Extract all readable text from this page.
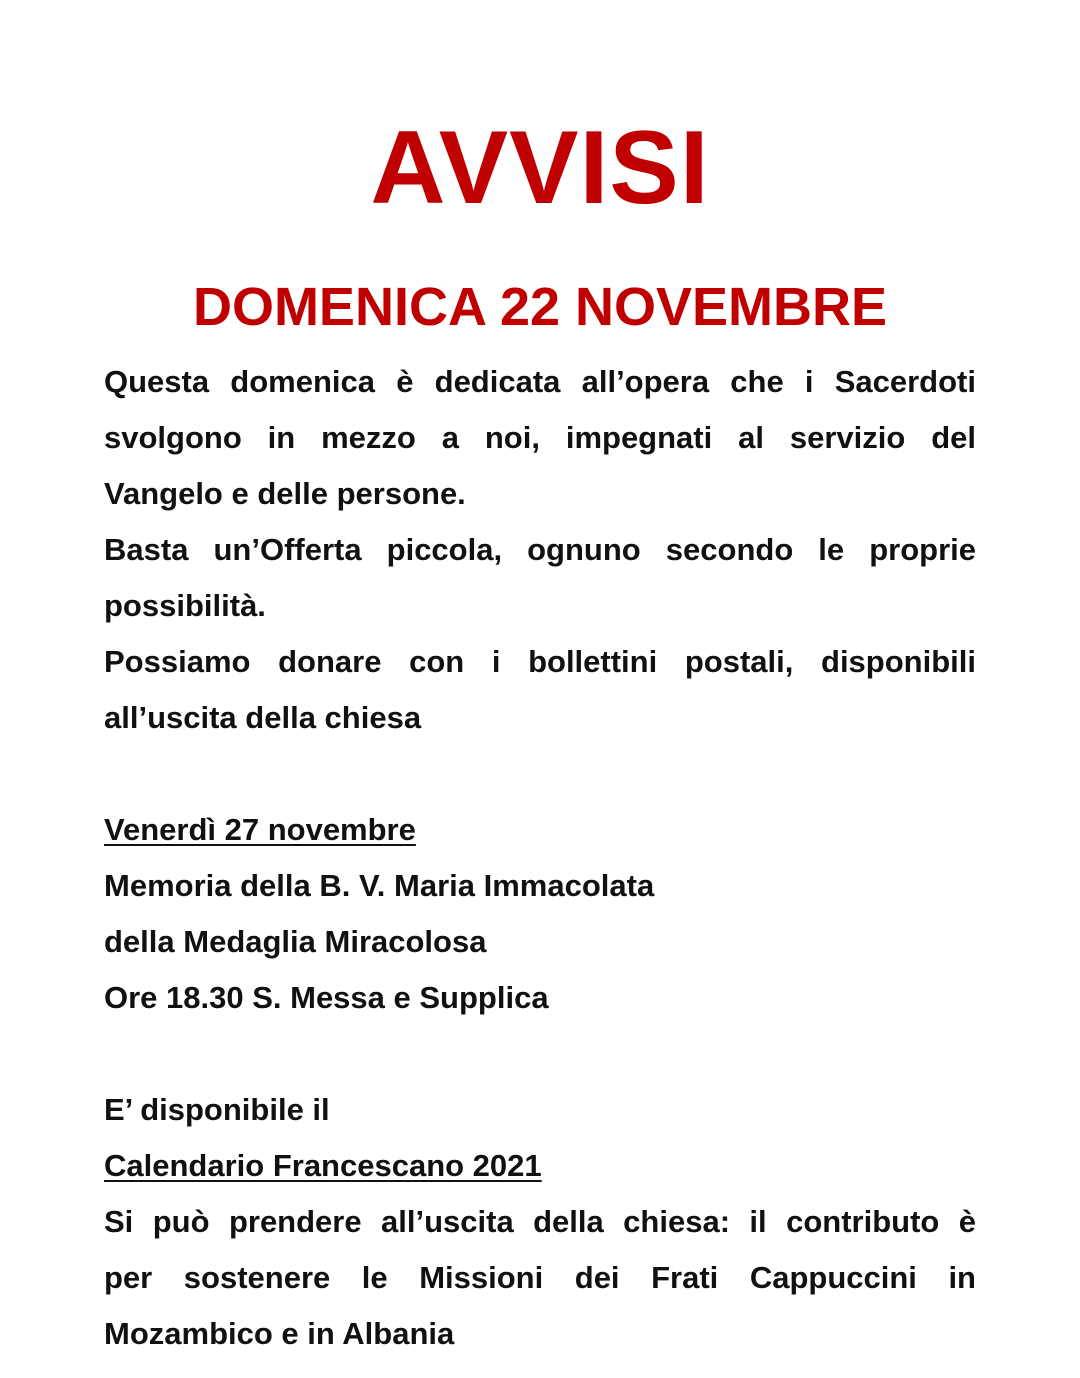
AVVISI
DOMENICA 22 NOVEMBRE
Questa domenica è dedicata all’opera che i Sacerdoti
svolgono in mezzo a noi, impegnati al servizio del
Vangelo e delle persone.
Basta un’Offerta piccola, ognuno secondo le proprie
possibilità.
Possiamo donare con i bollettini postali, disponibili
all’uscita della chiesa
Venerdì 27 novembre
Memoria della B. V. Maria Immacolata
della Medaglia Miracolosa
Ore 18.30 S. Messa e Supplica
E’ disponibile il
Calendario Francescano 2021
Si può prendere all’uscita della chiesa: il contributo è
per sostenere le Missioni dei Frati Cappuccini in
Mozambico e in Albania
